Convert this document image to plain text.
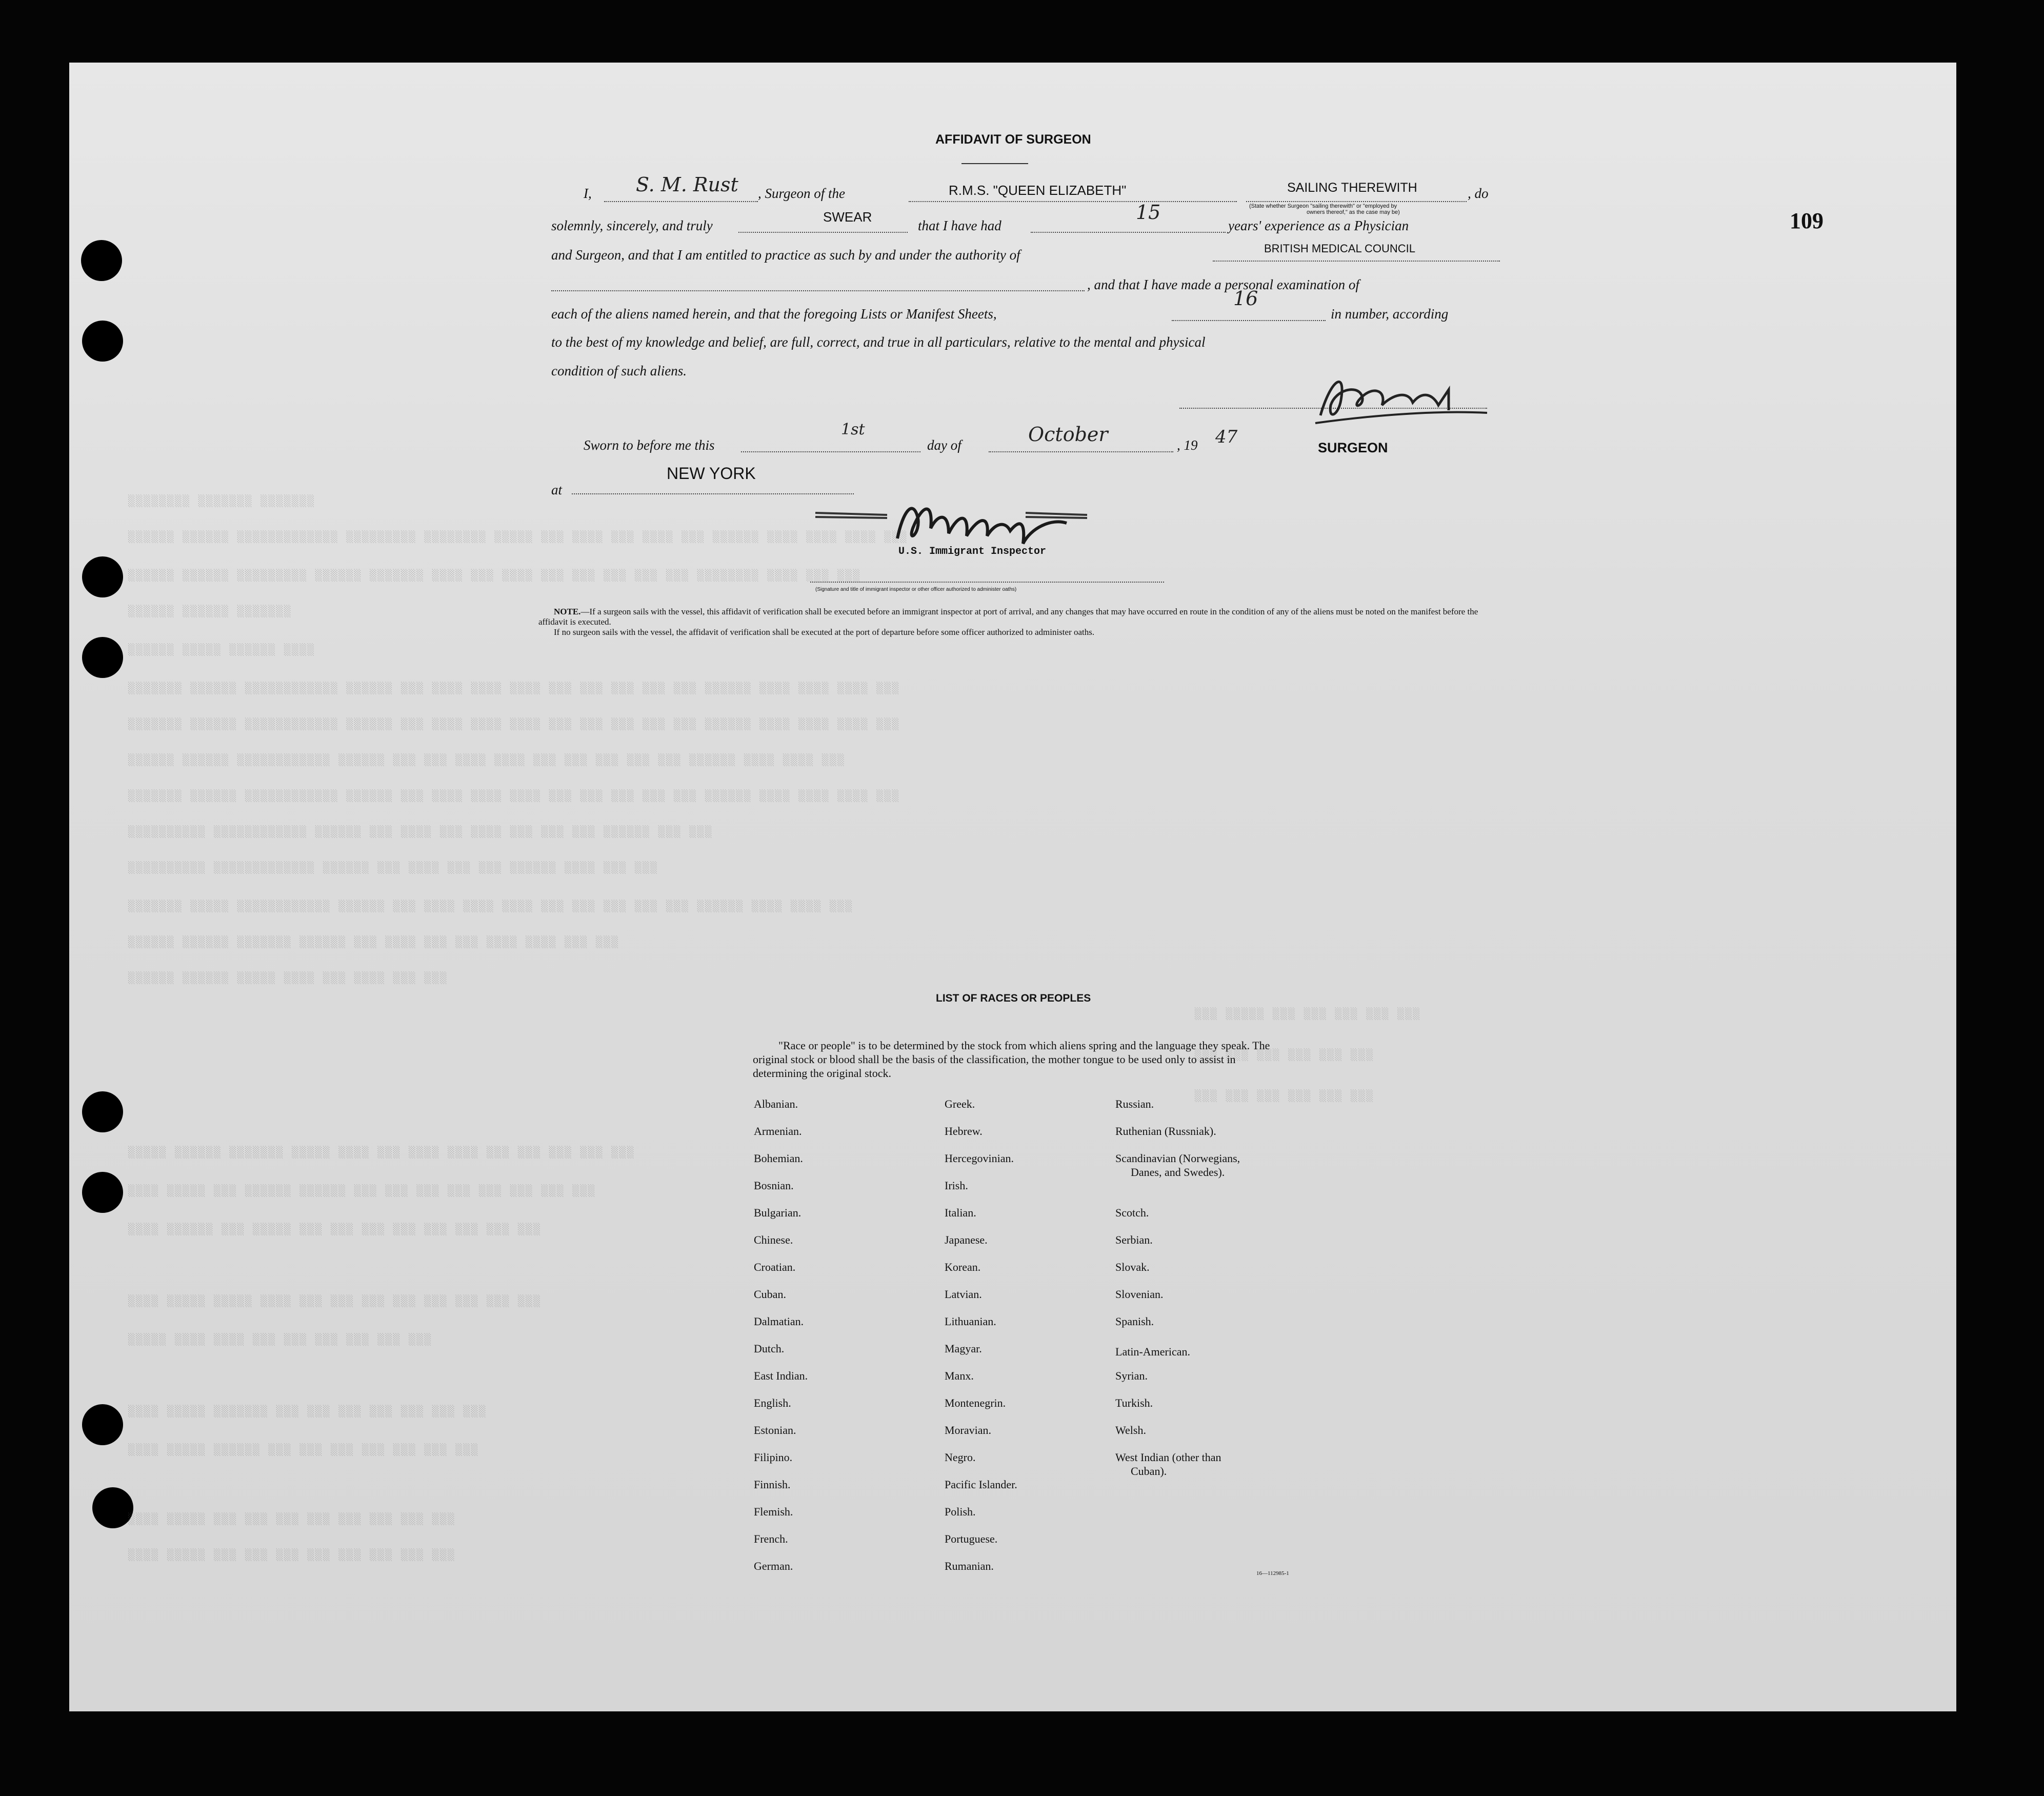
109
░░░░░░░░ ░░░░░░░ ░░░░░░░
░░░░░░ ░░░░░░ ░░░░░░░░░░░░░ ░░░░░░░░░ ░░░░░░░░ ░░░░░ ░░░ ░░░░ ░░░ ░░░░ ░░░ ░░░░░░ ░░░░ ░░░░ ░░░░ ░░░
░░░░░░ ░░░░░░ ░░░░░░░░░ ░░░░░░ ░░░░░░░ ░░░░ ░░░ ░░░░ ░░░ ░░░ ░░░ ░░░ ░░░ ░░░░░░░░ ░░░░ ░░░ ░░░
░░░░░░ ░░░░░░ ░░░░░░░
░░░░░░ ░░░░░ ░░░░░░ ░░░░
░░░░░░░ ░░░░░░ ░░░░░░░░░░░░ ░░░░░░ ░░░ ░░░░ ░░░░ ░░░░ ░░░ ░░░ ░░░ ░░░ ░░░ ░░░░░░ ░░░░ ░░░░ ░░░░ ░░░
░░░░░░░ ░░░░░░ ░░░░░░░░░░░░ ░░░░░░ ░░░ ░░░░ ░░░░ ░░░░ ░░░ ░░░ ░░░ ░░░ ░░░ ░░░░░░ ░░░░ ░░░░ ░░░░ ░░░
░░░░░░ ░░░░░░ ░░░░░░░░░░░░ ░░░░░░ ░░░ ░░░ ░░░░ ░░░░ ░░░ ░░░ ░░░ ░░░ ░░░ ░░░░░░ ░░░░ ░░░░ ░░░
░░░░░░░ ░░░░░░ ░░░░░░░░░░░░ ░░░░░░ ░░░ ░░░░ ░░░░ ░░░░ ░░░ ░░░ ░░░ ░░░ ░░░ ░░░░░░ ░░░░ ░░░░ ░░░░ ░░░
░░░░░░░░░░ ░░░░░░░░░░░░ ░░░░░░ ░░░ ░░░░ ░░░ ░░░░ ░░░ ░░░ ░░░ ░░░░░░ ░░░ ░░░
░░░░░░░░░░ ░░░░░░░░░░░░░ ░░░░░░ ░░░ ░░░░ ░░░ ░░░ ░░░░░░ ░░░░ ░░░ ░░░
░░░░░░░ ░░░░░ ░░░░░░░░░░░░ ░░░░░░ ░░░ ░░░░ ░░░░ ░░░░ ░░░ ░░░ ░░░ ░░░ ░░░ ░░░░░░ ░░░░ ░░░░ ░░░
░░░░░░ ░░░░░░ ░░░░░░░ ░░░░░░ ░░░ ░░░░ ░░░ ░░░ ░░░░ ░░░░ ░░░ ░░░
░░░░░░ ░░░░░░ ░░░░░ ░░░░ ░░░ ░░░░ ░░░ ░░░
░░░ ░░░░░ ░░░ ░░░ ░░░ ░░░ ░░░
░░░ ░░░ ░░░ ░░░ ░░░ ░░░
░░░ ░░░ ░░░ ░░░ ░░░ ░░░
░░░░░ ░░░░░░ ░░░░░░░ ░░░░░ ░░░░ ░░░ ░░░░ ░░░░ ░░░ ░░░ ░░░ ░░░ ░░░
░░░░ ░░░░░ ░░░ ░░░░░░ ░░░░░░ ░░░ ░░░ ░░░ ░░░ ░░░ ░░░ ░░░ ░░░
░░░░ ░░░░░░ ░░░ ░░░░░ ░░░ ░░░ ░░░ ░░░ ░░░ ░░░ ░░░ ░░░
░░░░ ░░░░░ ░░░░░ ░░░░ ░░░ ░░░ ░░░ ░░░ ░░░ ░░░ ░░░ ░░░
░░░░░ ░░░░ ░░░░ ░░░ ░░░ ░░░ ░░░ ░░░ ░░░
░░░░ ░░░░░ ░░░░░░░ ░░░ ░░░ ░░░ ░░░ ░░░ ░░░ ░░░
░░░░ ░░░░░ ░░░░░░ ░░░ ░░░ ░░░ ░░░ ░░░ ░░░ ░░░
░░░░ ░░░░░ ░░░ ░░░ ░░░ ░░░ ░░░ ░░░ ░░░ ░░░
░░░░ ░░░░░ ░░░ ░░░ ░░░ ░░░ ░░░ ░░░ ░░░ ░░░
AFFIDAVIT OF SURGEON
I, S. M. Rust , Surgeon of the	R.M.S. "QUEEN ELIZABETH"	SAILING THEREWITH
(State whether Surgeon "sailing therewith" or "employed by
owners thereof," as the case may be)
, do
solemnly, sincerely, and truly
SWEAR
that I have had
15
years' experience as a Physician
and Surgeon, and that I am entitled to practice as such by and under the authority of	BRITISH MEDICAL COUNCIL
, and that I have made a personal examination of
each of the aliens named herein, and that the foregoing Lists or Manifest Sheets,
16
in number, according
to the best of my knowledge and belief, are full, correct, and true in all particulars, relative to the mental and physical
condition of such aliens.
SURGEON
Sworn to before me this
1st
day of	October	, 19 47
at
NEW YORK
U.S. Immigrant Inspector
(Signature and title of immigrant inspector or other officer authorized to administer oaths)
NOTE.—If a surgeon sails with the vessel, this affidavit of verification shall be executed before an immigrant inspector at port of arrival, and any changes that may have occurred en route in the condition of any of the aliens must be noted on the manifest before the affidavit is executed.
If no surgeon sails with the vessel, the affidavit of verification shall be executed at the port of departure before some officer authorized to administer oaths.
LIST OF RACES OR PEOPLES
"Race or people" is to be determined by the stock from which aliens spring and the language they speak. The original stock or blood shall be the basis of the classification, the mother tongue to be used only to assist in determining the original stock.
Albanian.
Armenian.
Bohemian.
Bosnian.
Bulgarian.
Chinese.
Croatian.
Cuban.
Dalmatian.
Dutch.
East Indian.
English.
Estonian.
Filipino.
Finnish.
Flemish.
French.
German.
Greek.
Hebrew.
Hercegovinian.
Irish.
Italian.
Japanese.
Korean.
Latvian.
Lithuanian.
Magyar.
Manx.
Montenegrin.
Moravian.
Negro.
Pacific Islander.
Polish.
Portuguese.
Rumanian.
Russian.
Ruthenian (Russniak).
Scandinavian (Norwegians,
Danes, and Swedes).
Scotch.
Serbian.
Slovak.
Slovenian.
Spanish.
Latin-American.
Syrian.
Turkish.
Welsh.
West Indian (other than
Cuban).
16—112985-1
